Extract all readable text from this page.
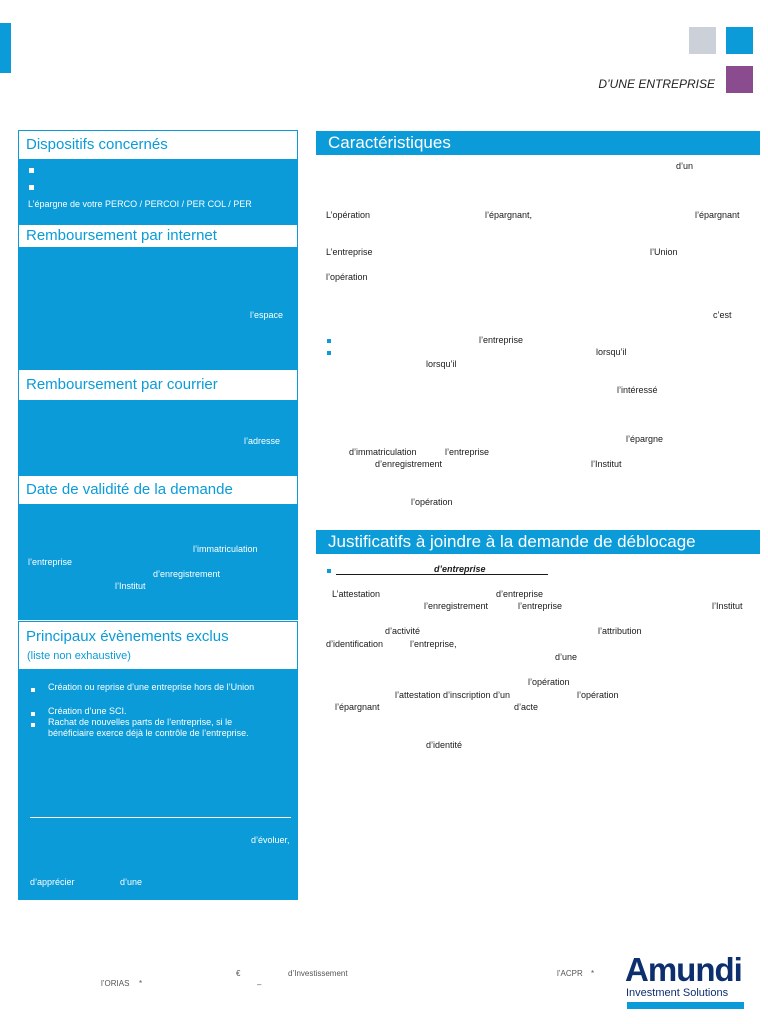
D’UNE ENTREPRISE
Dispositifs concernés
L’épargne de votre PERCO / PERCOI / PER COL / PER
Remboursement par internet
l’espace
Remboursement par courrier
l’adresse
Date de validité de la demande
l’immatriculation
l’entreprise
d’enregistrement
l’Institut
Principaux évènements exclus
(liste non exhaustive)
Création ou reprise d’une entreprise hors de l’Union
Création d’une SCI.
Rachat de nouvelles parts de l’entreprise, si le
bénéficiaire exerce déjà le contrôle de l’entreprise.
d’évoluer,
d’apprécier	d’une
Caractéristiques
d’un
L’opération	l’épargnant,	l’épargnant
L’entreprise	l’Union
l’opération
c’est
l’entreprise
lorsqu’il
lorsqu’il
l’intéressé
l’épargne
d’immatriculation	l’entreprise
d’enregistrement	l’Institut
l’opération
Justificatifs à joindre à la demande de déblocage
d’entreprise
L’attestation	d’entreprise
l’enregistrement	l’entreprise	l’Institut
d’activité	l’attribution
d’identification	l’entreprise,
d’une
l’opération
l’attestation d’inscription d’un	l’opération
l’épargnant	d’acte
d’identité
l’ORIAS *
€
–
d’Investissement	l’ACPR * Amundi
Investment Solutions
